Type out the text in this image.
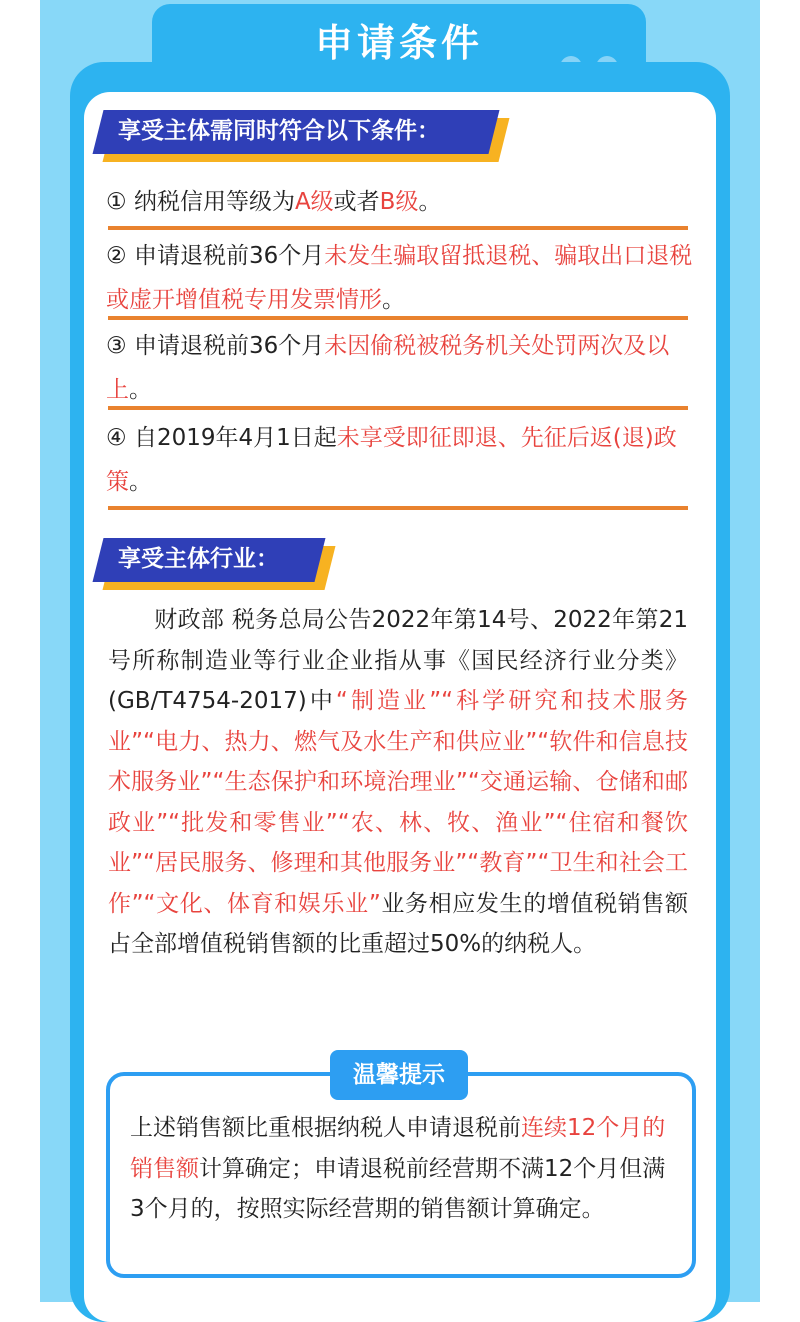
申请条件
享受主体需同时符合以下条件：
① 纳税信用等级为A级或者B级。
② 申请退税前36个月未发生骗取留抵退税、骗取出口退税或虚开增值税专用发票情形。
③ 申请退税前36个月未因偷税被税务机关处罚两次及以上。
④ 自2019年4月1日起未享受即征即退、先征后返(退)政策。
享受主体行业：
财政部 税务总局公告2022年第14号、2022年第21号所称制造业等行业企业指从事《国民经济行业分类》(GB/T4754-2017)中“制造业”“科学研究和技术服务业”“电力、热力、燃气及水生产和供应业”“软件和信息技术服务业”“生态保护和环境治理业”“交通运输、仓储和邮政业”“批发和零售业”“农、林、牧、渔业”“住宿和餐饮业”“居民服务、修理和其他服务业”“教育”“卫生和社会工作”“文化、体育和娱乐业”业务相应发生的增值税销售额占全部增值税销售额的比重超过50%的纳税人。
温馨提示
上述销售额比重根据纳税人申请退税前连续12个月的销售额计算确定；申请退税前经营期不满12个月但满3个月的，按照实际经营期的销售额计算确定。
